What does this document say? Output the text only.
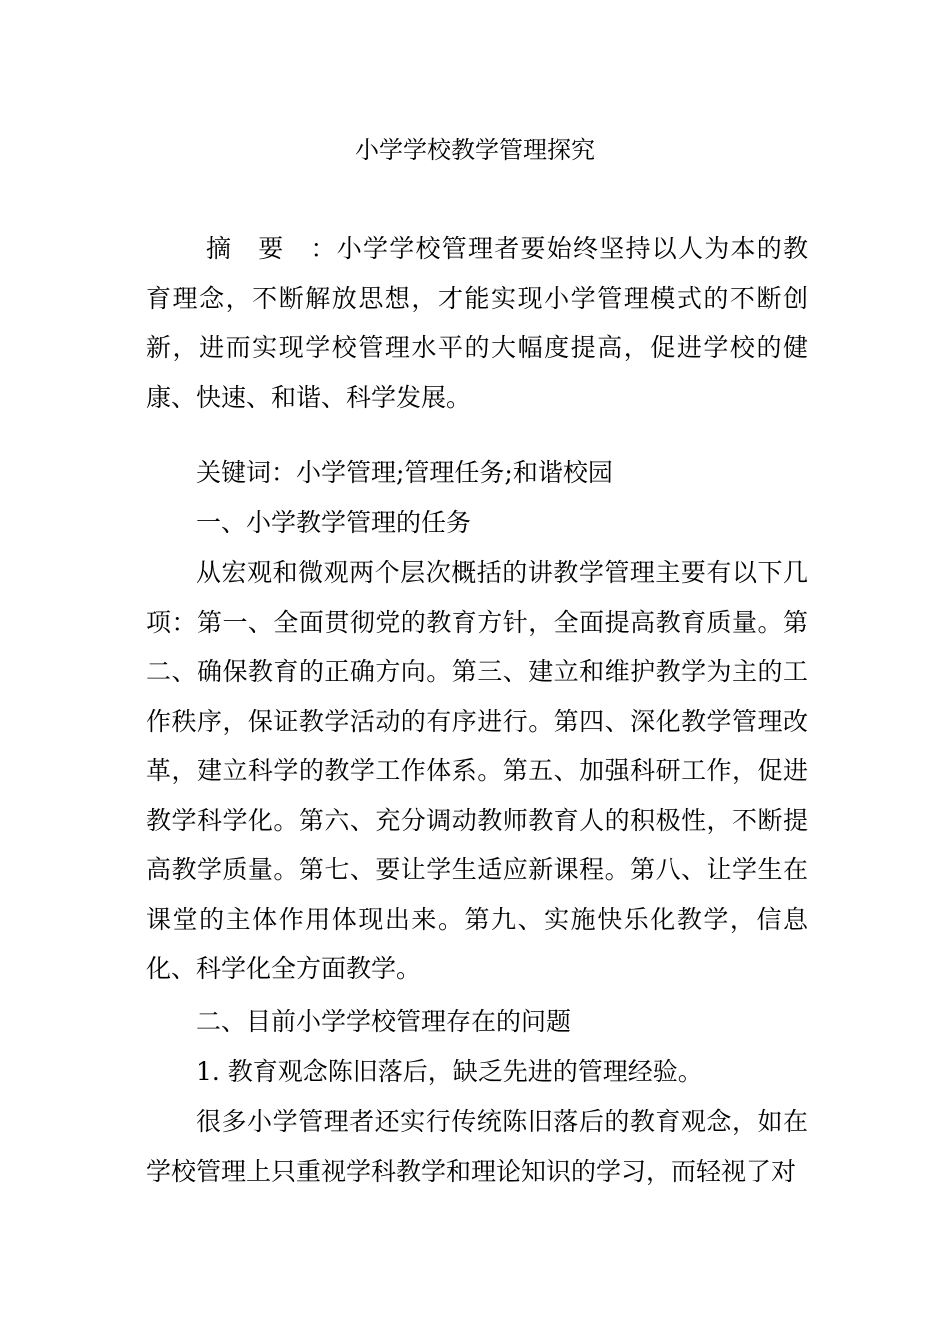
小学学校教学管理探究

摘要：小学学校管理者要始终坚持以人为本的教育理念，不断解放思想，才能实现小学管理模式的不断创新，进而实现学校管理水平的大幅度提高，促进学校的健康、快速、和谐、科学发展。

关键词：小学管理;管理任务;和谐校园

一、小学教学管理的任务

从宏观和微观两个层次概括的讲教学管理主要有以下几项：第一、全面贯彻党的教育方针，全面提高教育质量。第二、确保教育的正确方向。第三、建立和维护教学为主的工作秩序，保证教学活动的有序进行。第四、深化教学管理改革，建立科学的教学工作体系。第五、加强科研工作，促进教学科学化。第六、充分调动教师教育人的积极性，不断提高教学质量。第七、要让学生适应新课程。第八、让学生在课堂的主体作用体现出来。第九、实施快乐化教学，信息化、科学化全方面教学。

二、目前小学学校管理存在的问题

1. 教育观念陈旧落后，缺乏先进的管理经验。

很多小学管理者还实行传统陈旧落后的教育观念，如在学校管理上只重视学科教学和理论知识的学习，而轻视了对
